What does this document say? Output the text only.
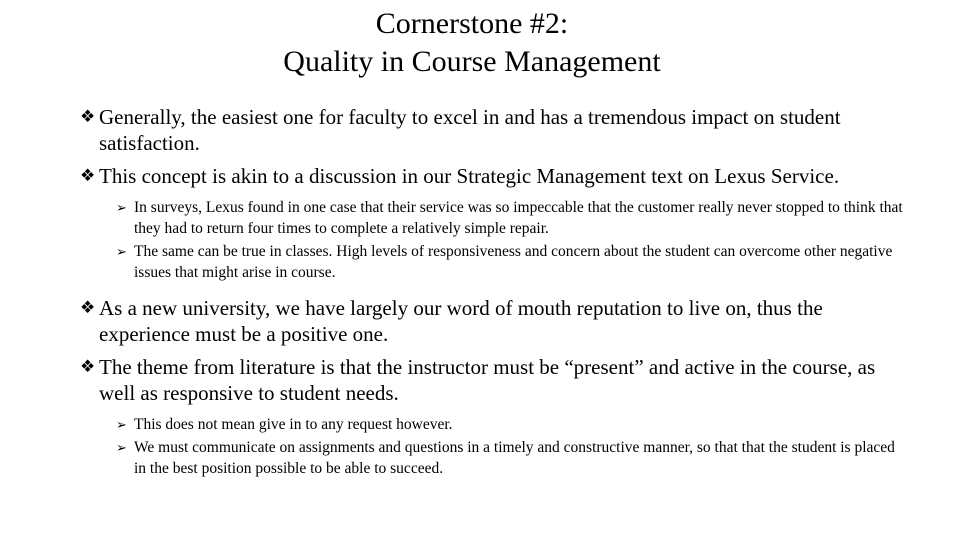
Cornerstone #2:
Quality in Course Management
❖ Generally, the easiest one for faculty to excel in and has a tremendous impact on student satisfaction.
❖ This concept is akin to a discussion in our Strategic Management text on Lexus Service.
➢ In surveys, Lexus found in one case that their service was so impeccable that the customer really never stopped to think that they had to return four times to complete a relatively simple repair.
➢ The same can be true in classes. High levels of responsiveness and concern about the student can overcome other negative issues that might arise in course.
❖ As a new university, we have largely our word of mouth reputation to live on, thus the experience must be a positive one.
❖ The theme from literature is that the instructor must be “present” and active in the course, as well as responsive to student needs.
➢ This does not mean give in to any request however.
➢ We must communicate on assignments and questions in a timely and constructive manner, so that that the student is placed in the best position possible to be able to succeed.
